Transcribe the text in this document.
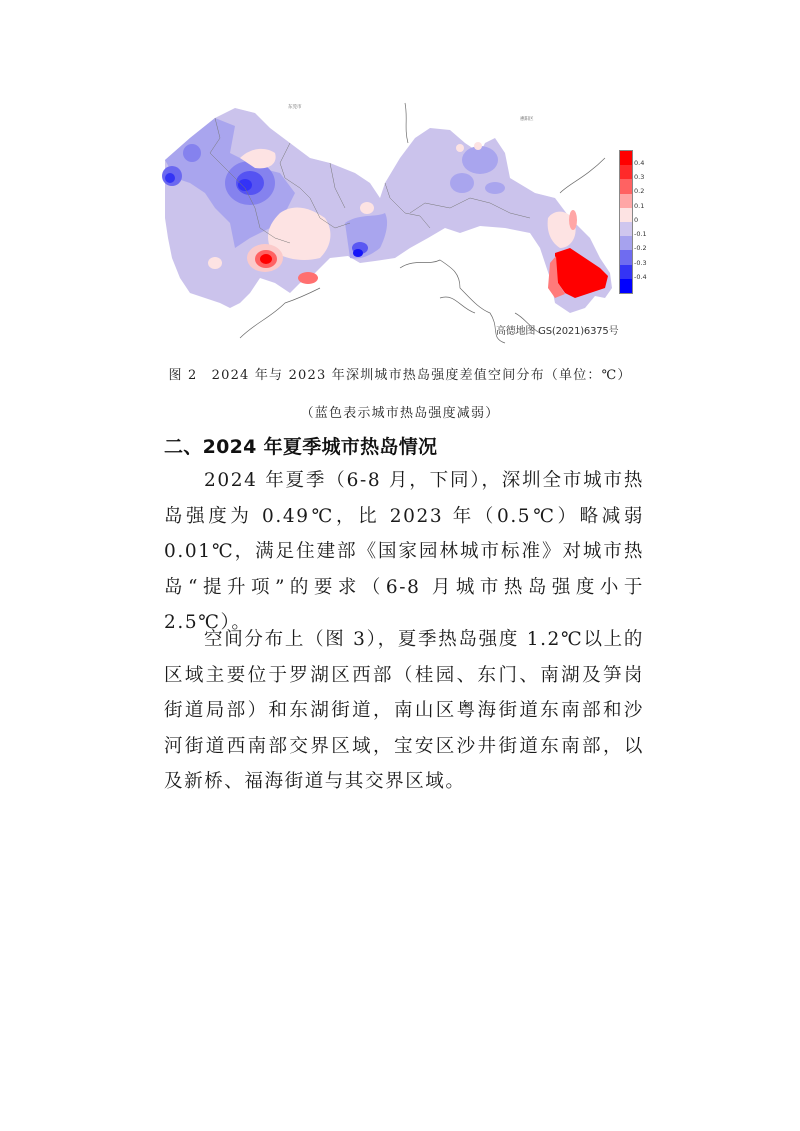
东莞市
惠阳区
高德地图 GS(2021)6375号
0.4
0.3
0.2
0.1
0
-0.1
-0.2
-0.3
-0.4
图 2　2024 年与 2023 年深圳城市热岛强度差值空间分布（单位：℃）
（蓝色表示城市热岛强度减弱）
二、2024 年夏季城市热岛情况
2024 年夏季（6-8 月，下同），深圳全市城市热岛强度为 0.49℃，比 2023 年（0.5℃）略减弱 0.01℃，满足住建部《国家园林城市标准》对城市热岛“提升项”的要求（6-8 月城市热岛强度小于 2.5℃）。
空间分布上（图 3），夏季热岛强度 1.2℃以上的区域主要位于罗湖区西部（桂园、东门、南湖及笋岗街道局部）和东湖街道，南山区粤海街道东南部和沙河街道西南部交界区域，宝安区沙井街道东南部，以及新桥、福海街道与其交界区域。
